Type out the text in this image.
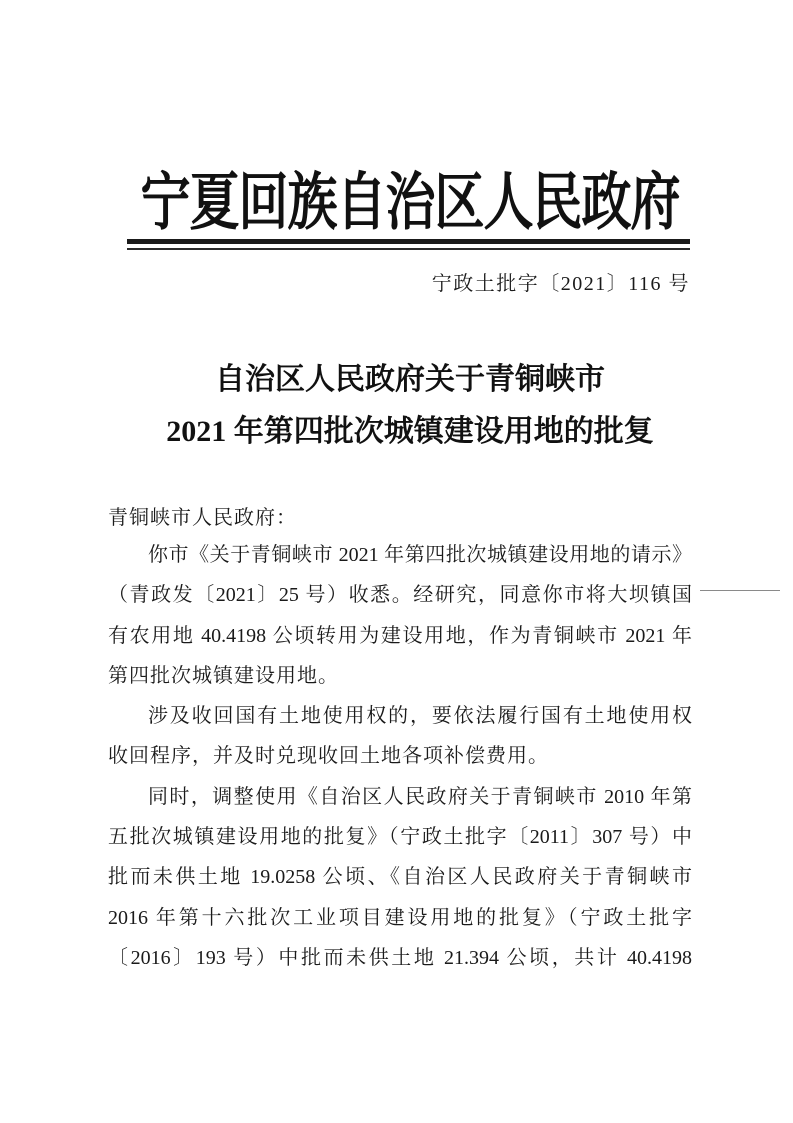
宁夏回族自治区人民政府
宁政土批字〔2021〕116 号
自治区人民政府关于青铜峡市
2021 年第四批次城镇建设用地的批复
青铜峡市人民政府：
你市《关于青铜峡市 2021 年第四批次城镇建设用地的请示》
（青政发〔2021〕25 号）收悉。经研究，同意你市将大坝镇国
有农用地 40.4198 公顷转用为建设用地，作为青铜峡市 2021 年
第四批次城镇建设用地。
涉及收回国有土地使用权的，要依法履行国有土地使用权
收回程序，并及时兑现收回土地各项补偿费用。
同时，调整使用《自治区人民政府关于青铜峡市 2010 年第
五批次城镇建设用地的批复》（宁政土批字〔2011〕307 号）中
批而未供土地 19.0258 公顷、《自治区人民政府关于青铜峡市
2016 年第十六批次工业项目建设用地的批复》（宁政土批字
〔2016〕193 号）中批而未供土地 21.394 公顷，共计 40.4198
